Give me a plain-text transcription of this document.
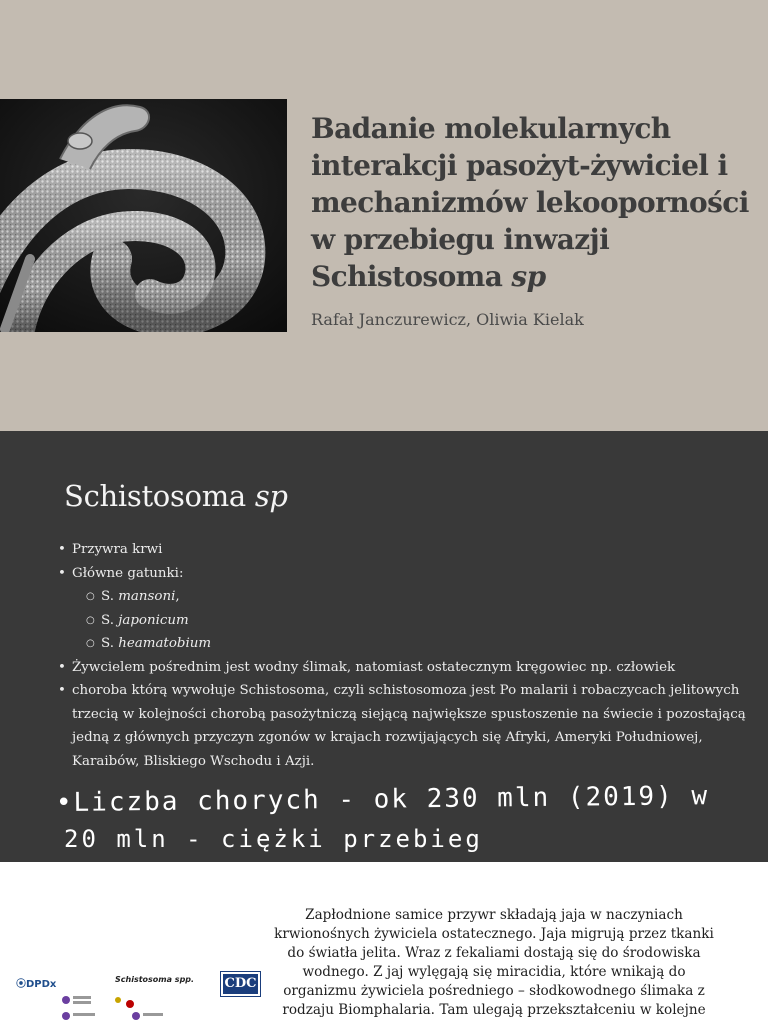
Badanie molekularnych interakcji pasożyt-żywiciel i mechanizmów lekooporności w przebiegu inwazji Schistosoma sp

Rafał Janczurewicz, Oliwia Kielak

Schistosoma sp
• Przywra krwi
• Główne gatunki:
○ S. mansoni,
○ S. japonicum
○ S. heamatobium
• Żywcielem pośrednim jest wodny ślimak, natomiast ostatecznym kręgowiec np. człowiek
• choroba którą wywołuje Schistosoma, czyli schistosomoza jest Po malarii i robaczycach jelitowych trzecią w kolejności chorobą pasożytniczą siejącą największe spustoszenie na świecie i pozostającą jedną z głównych przyczyn zgonów w krajach rozwijających się Afryki, Ameryki Południowej, Karaibów, Bliskiego Wschodu i Azji.
•Liczba chorych - ok 230 mln (2019) w
20 mln - ciężki przebieg
⦿DPDx	Schistosoma spp. CDC

Zapłodnione samice przywr składają jaja w naczyniach krwionośnych żywiciela ostatecznego. Jaja migrują przez tkanki do światła jelita. Wraz z fekaliami dostają się do środowiska wodnego. Z jaj wylęgają się miracidia, które wnikają do organizmu żywiciela pośredniego – słodkowodnego ślimaka z rodzaju Biomphalaria. Tam ulegają przekształceniu w kolejne
